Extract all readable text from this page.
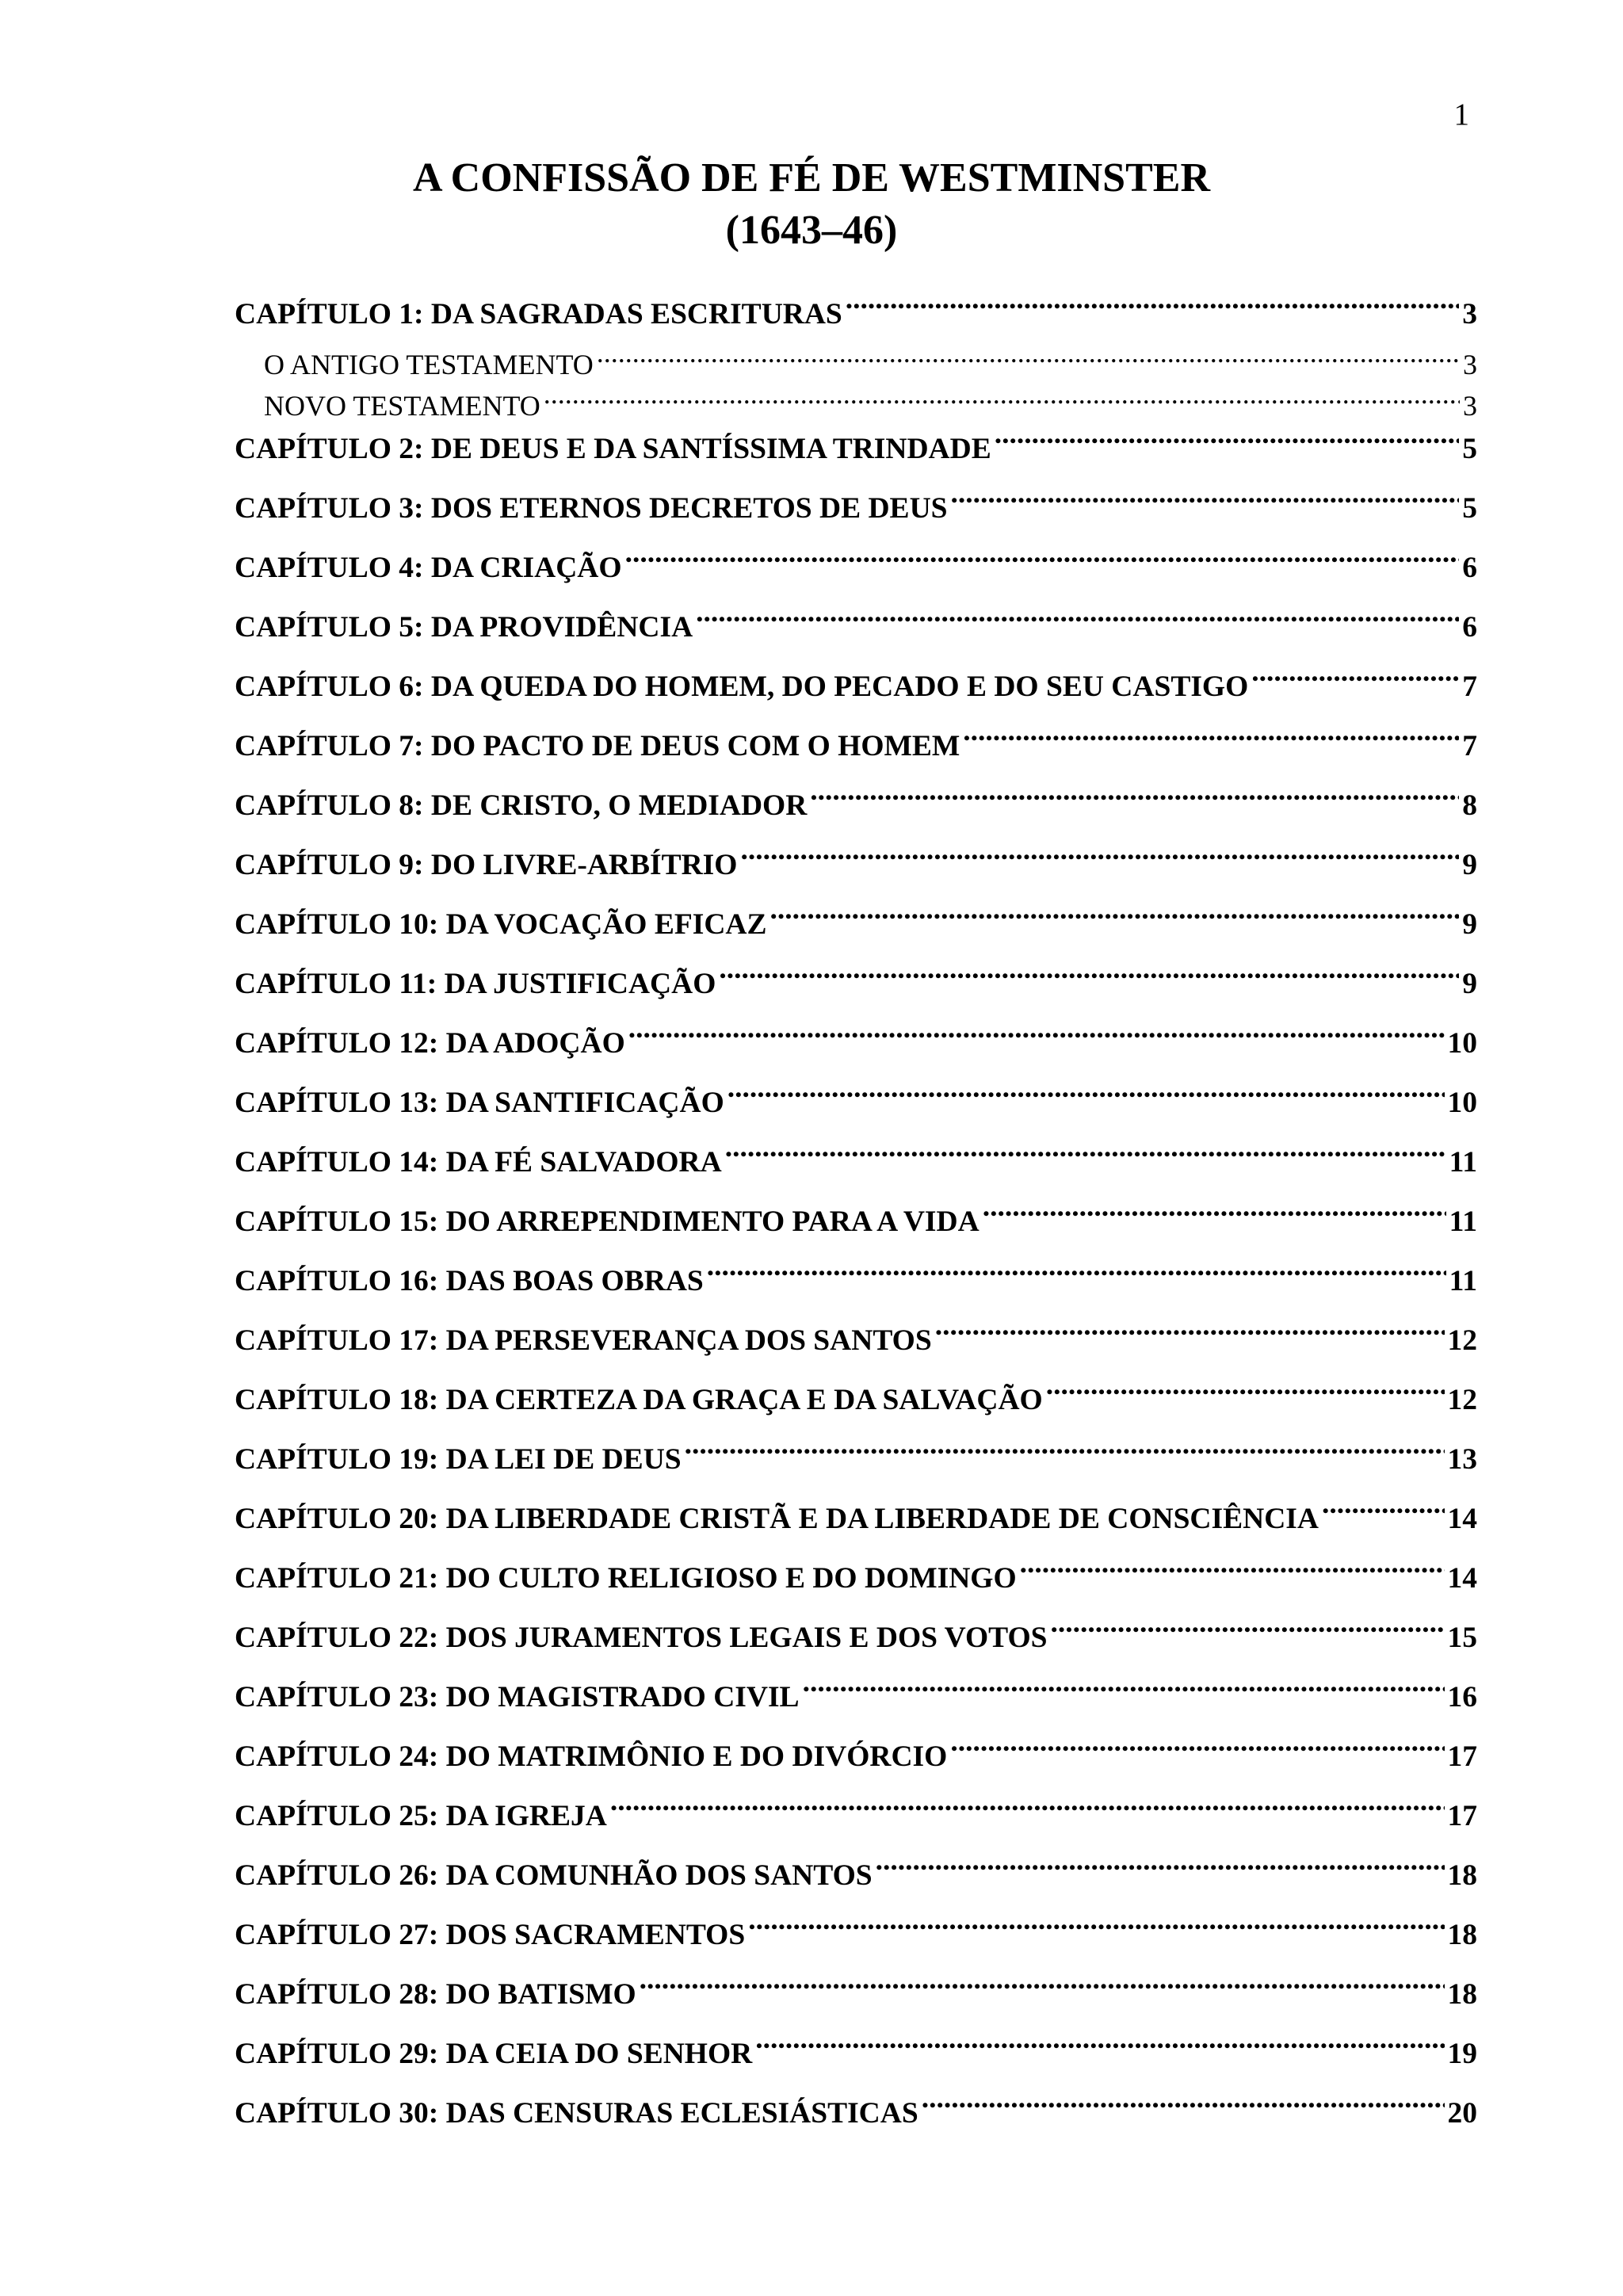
1
A CONFISSÃO DE FÉ DE WESTMINSTER
(1643–46)
CAPÍTULO 1: DA SAGRADAS ESCRITURAS .....	3
O ANTIGO TESTAMENTO .....	3
NOVO TESTAMENTO .....	3
CAPÍTULO 2: DE DEUS E DA SANTÍSSIMA TRINDADE .....	5
CAPÍTULO 3: DOS ETERNOS DECRETOS DE DEUS .....	5
CAPÍTULO 4: DA CRIAÇÃO .....	6
CAPÍTULO 5: DA PROVIDÊNCIA .....	6
CAPÍTULO 6: DA QUEDA DO HOMEM, DO PECADO E DO SEU CASTIGO .....	7
CAPÍTULO 7: DO PACTO DE DEUS COM O HOMEM .....	7
CAPÍTULO 8: DE CRISTO, O MEDIADOR .....	8
CAPÍTULO 9: DO LIVRE-ARBÍTRIO .....	9
CAPÍTULO 10: DA VOCAÇÃO EFICAZ .....	9
CAPÍTULO 11: DA JUSTIFICAÇÃO .....	9
CAPÍTULO 12: DA ADOÇÃO .....	10
CAPÍTULO 13: DA SANTIFICAÇÃO .....	10
CAPÍTULO 14: DA FÉ SALVADORA .....	11
CAPÍTULO 15: DO ARREPENDIMENTO PARA A VIDA .....	11
CAPÍTULO 16: DAS BOAS OBRAS .....	11
CAPÍTULO 17: DA PERSEVERANÇA DOS SANTOS .....	12
CAPÍTULO 18: DA CERTEZA DA GRAÇA E DA SALVAÇÃO .....	12
CAPÍTULO 19: DA LEI DE DEUS .....	13
CAPÍTULO 20: DA LIBERDADE CRISTÃ E DA LIBERDADE DE CONSCIÊNCIA .....	14
CAPÍTULO 21: DO CULTO RELIGIOSO E DO DOMINGO .....	14
CAPÍTULO 22: DOS JURAMENTOS LEGAIS E DOS VOTOS .....	15
CAPÍTULO 23: DO MAGISTRADO CIVIL .....	16
CAPÍTULO 24: DO MATRIMÔNIO E DO DIVÓRCIO .....	17
CAPÍTULO 25: DA IGREJA .....	17
CAPÍTULO 26: DA COMUNHÃO DOS SANTOS .....	18
CAPÍTULO 27: DOS SACRAMENTOS .....	18
CAPÍTULO 28: DO BATISMO .....	18
CAPÍTULO 29: DA CEIA DO SENHOR .....	19
CAPÍTULO 30: DAS CENSURAS ECLESIÁSTICAS .....	20
